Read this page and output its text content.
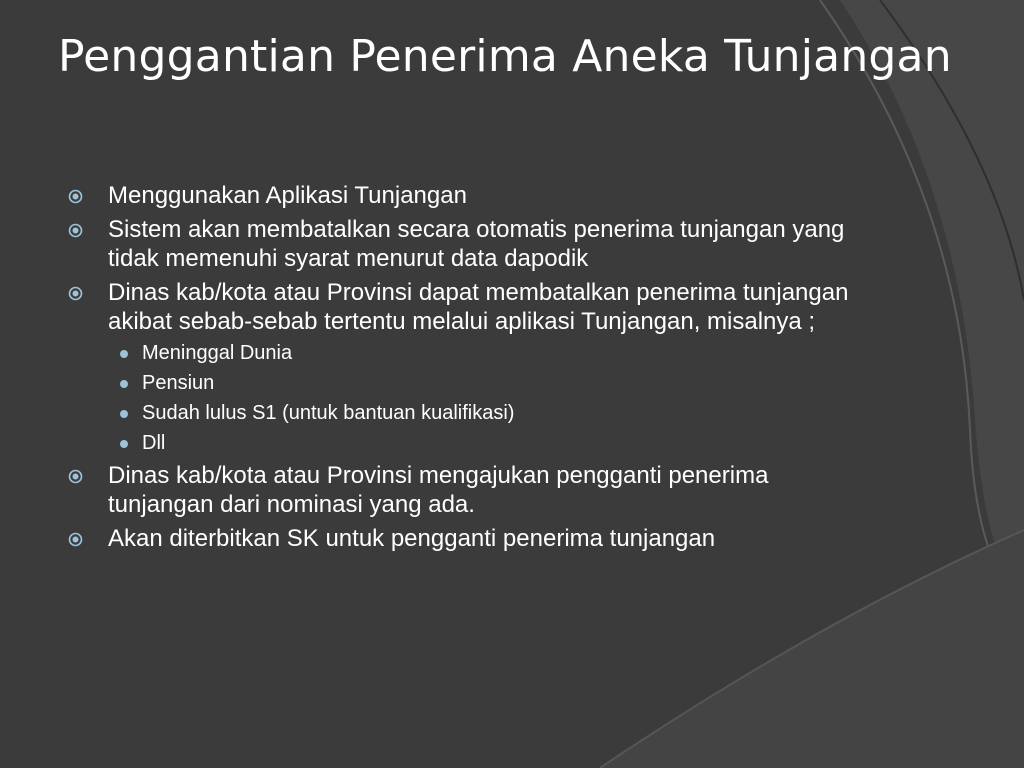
Penggantian Penerima Aneka Tunjangan
Menggunakan Aplikasi Tunjangan
Sistem akan membatalkan secara otomatis penerima tunjangan yang tidak memenuhi syarat menurut data dapodik
Dinas kab/kota atau Provinsi dapat membatalkan penerima tunjangan akibat sebab-sebab tertentu melalui aplikasi Tunjangan, misalnya ;
Meninggal Dunia
Pensiun
Sudah lulus S1 (untuk bantuan kualifikasi)
Dll
Dinas kab/kota atau Provinsi mengajukan pengganti penerima tunjangan dari nominasi yang ada.
Akan diterbitkan SK untuk pengganti penerima tunjangan
